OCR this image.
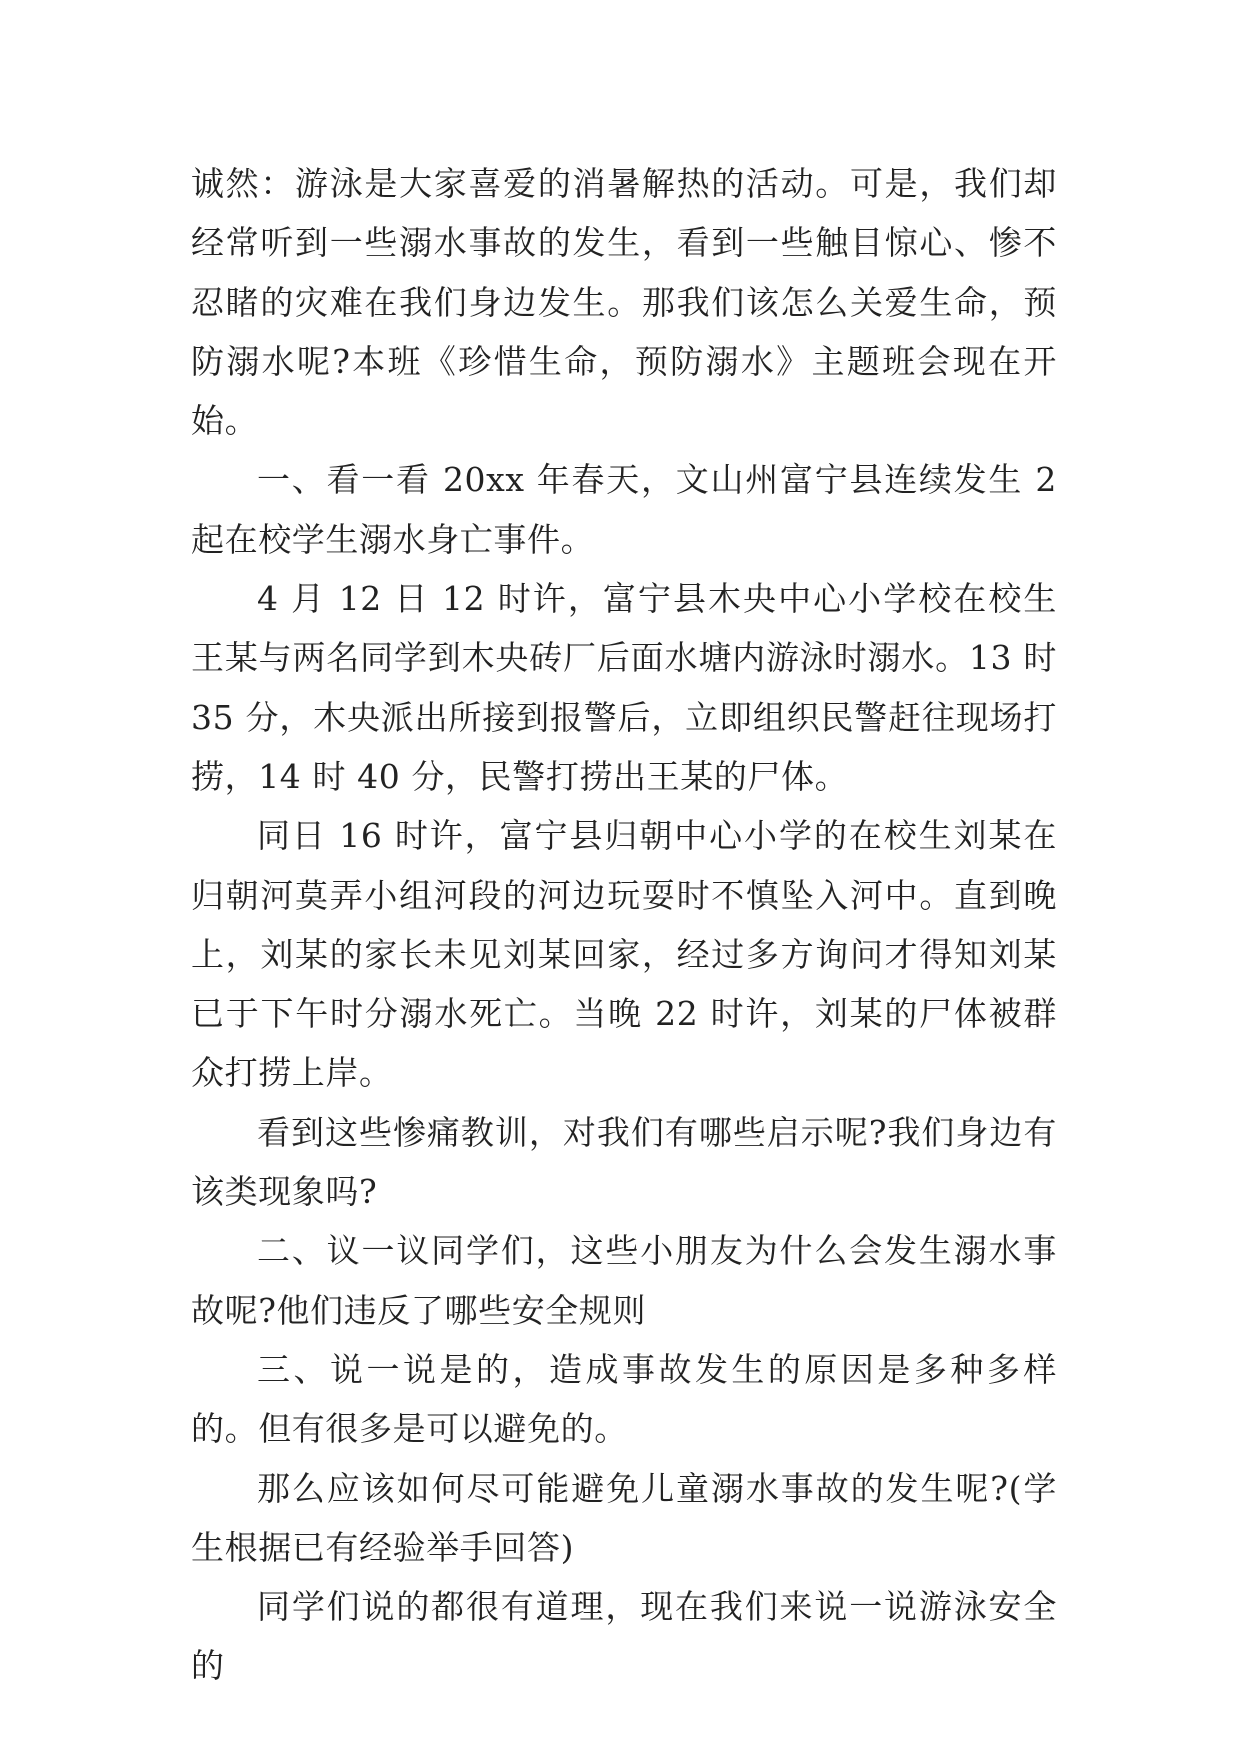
诚然：游泳是大家喜爱的消暑解热的活动。可是，我们却经常听到一些溺水事故的发生，看到一些触目惊心、惨不忍睹的灾难在我们身边发生。那我们该怎么关爱生命，预防溺水呢?本班《珍惜生命，预防溺水》主题班会现在开始。

一、看一看 20xx 年春天，文山州富宁县连续发生 2 起在校学生溺水身亡事件。

4 月 12 日 12 时许，富宁县木央中心小学校在校生王某与两名同学到木央砖厂后面水塘内游泳时溺水。13 时 35 分，木央派出所接到报警后，立即组织民警赶往现场打捞，14 时 40 分，民警打捞出王某的尸体。

同日 16 时许，富宁县归朝中心小学的在校生刘某在归朝河莫弄小组河段的河边玩耍时不慎坠入河中。直到晚上，刘某的家长未见刘某回家，经过多方询问才得知刘某已于下午时分溺水死亡。当晚 22 时许，刘某的尸体被群众打捞上岸。

看到这些惨痛教训，对我们有哪些启示呢?我们身边有该类现象吗?

二、议一议同学们，这些小朋友为什么会发生溺水事故呢?他们违反了哪些安全规则

三、说一说是的，造成事故发生的原因是多种多样的。但有很多是可以避免的。

那么应该如何尽可能避免儿童溺水事故的发生呢?(学生根据已有经验举手回答)

同学们说的都很有道理，现在我们来说一说游泳安全的
